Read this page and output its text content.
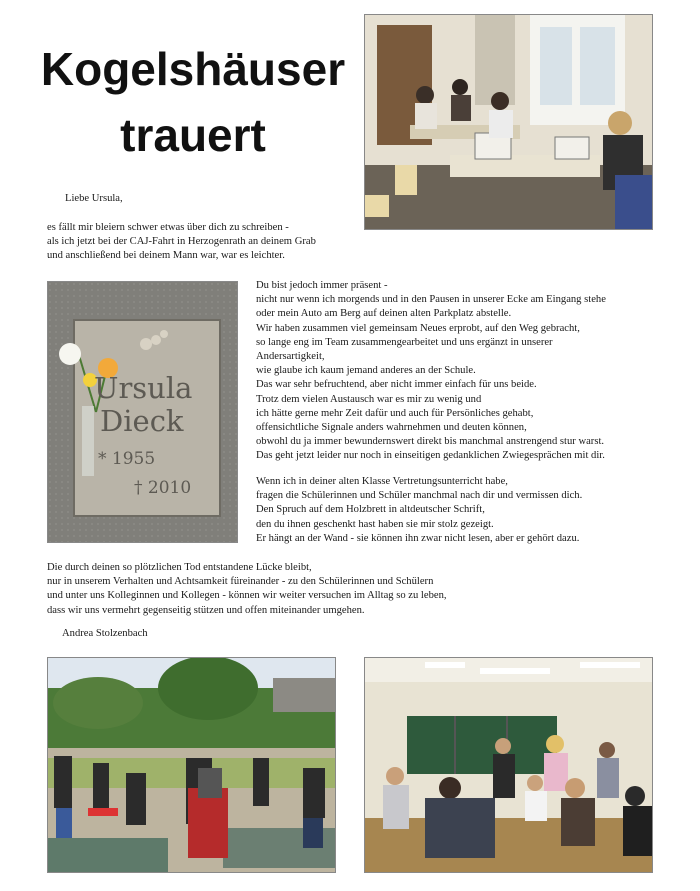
Kogelshäuser
trauert

Liebe Ursula,

es fällt mir bleiern schwer etwas über dich zu schreiben -

als ich jetzt bei der CAJ-Fahrt in Herzogenrath an deinem Grab

und anschließend bei deinem Mann war, war es leichter.

Ursula
Dieck
* 1955
† 2010

Du bist jedoch immer präsent -

nicht nur wenn ich morgends und in den Pausen in unserer Ecke am Eingang stehe

oder mein Auto am Berg auf deinen alten Parkplatz abstelle.

Wir haben zusammen viel gemeinsam Neues erprobt, auf den Weg gebracht,

so lange eng im Team zusammengearbeitet und uns ergänzt in unserer

Andersartigkeit,

wie glaube ich kaum jemand anderes an der Schule.

Das war sehr befruchtend, aber nicht immer einfach für uns beide.

Trotz dem vielen Austausch war es mir zu wenig und

ich hätte gerne mehr Zeit dafür und auch für Persönliches gehabt,

offensichtliche Signale anders wahrnehmen und deuten können,

obwohl du ja immer bewundernswert direkt bis manchmal anstrengend stur warst.

Das geht jetzt leider nur noch in einseitigen gedanklichen Zwiegesprächen mit dir.

Wenn ich in deiner alten Klasse Vertretungsunterricht habe,

fragen die Schülerinnen und Schüler manchmal nach dir und vermissen dich.

Den Spruch auf dem Holzbrett in altdeutscher Schrift,

den du ihnen geschenkt hast haben sie mir stolz gezeigt.

Er hängt an der Wand - sie können ihn zwar nicht lesen, aber er gehört dazu.

Die durch deinen so plötzlichen Tod entstandene Lücke bleibt,

nur in unserem Verhalten und Achtsamkeit füreinander - zu den Schülerinnen und Schülern

und unter uns Kolleginnen und Kollegen - können wir weiter versuchen im Alltag so zu leben,

dass wir uns vermehrt gegenseitig stützen und offen miteinander umgehen.

Andrea Stolzenbach
